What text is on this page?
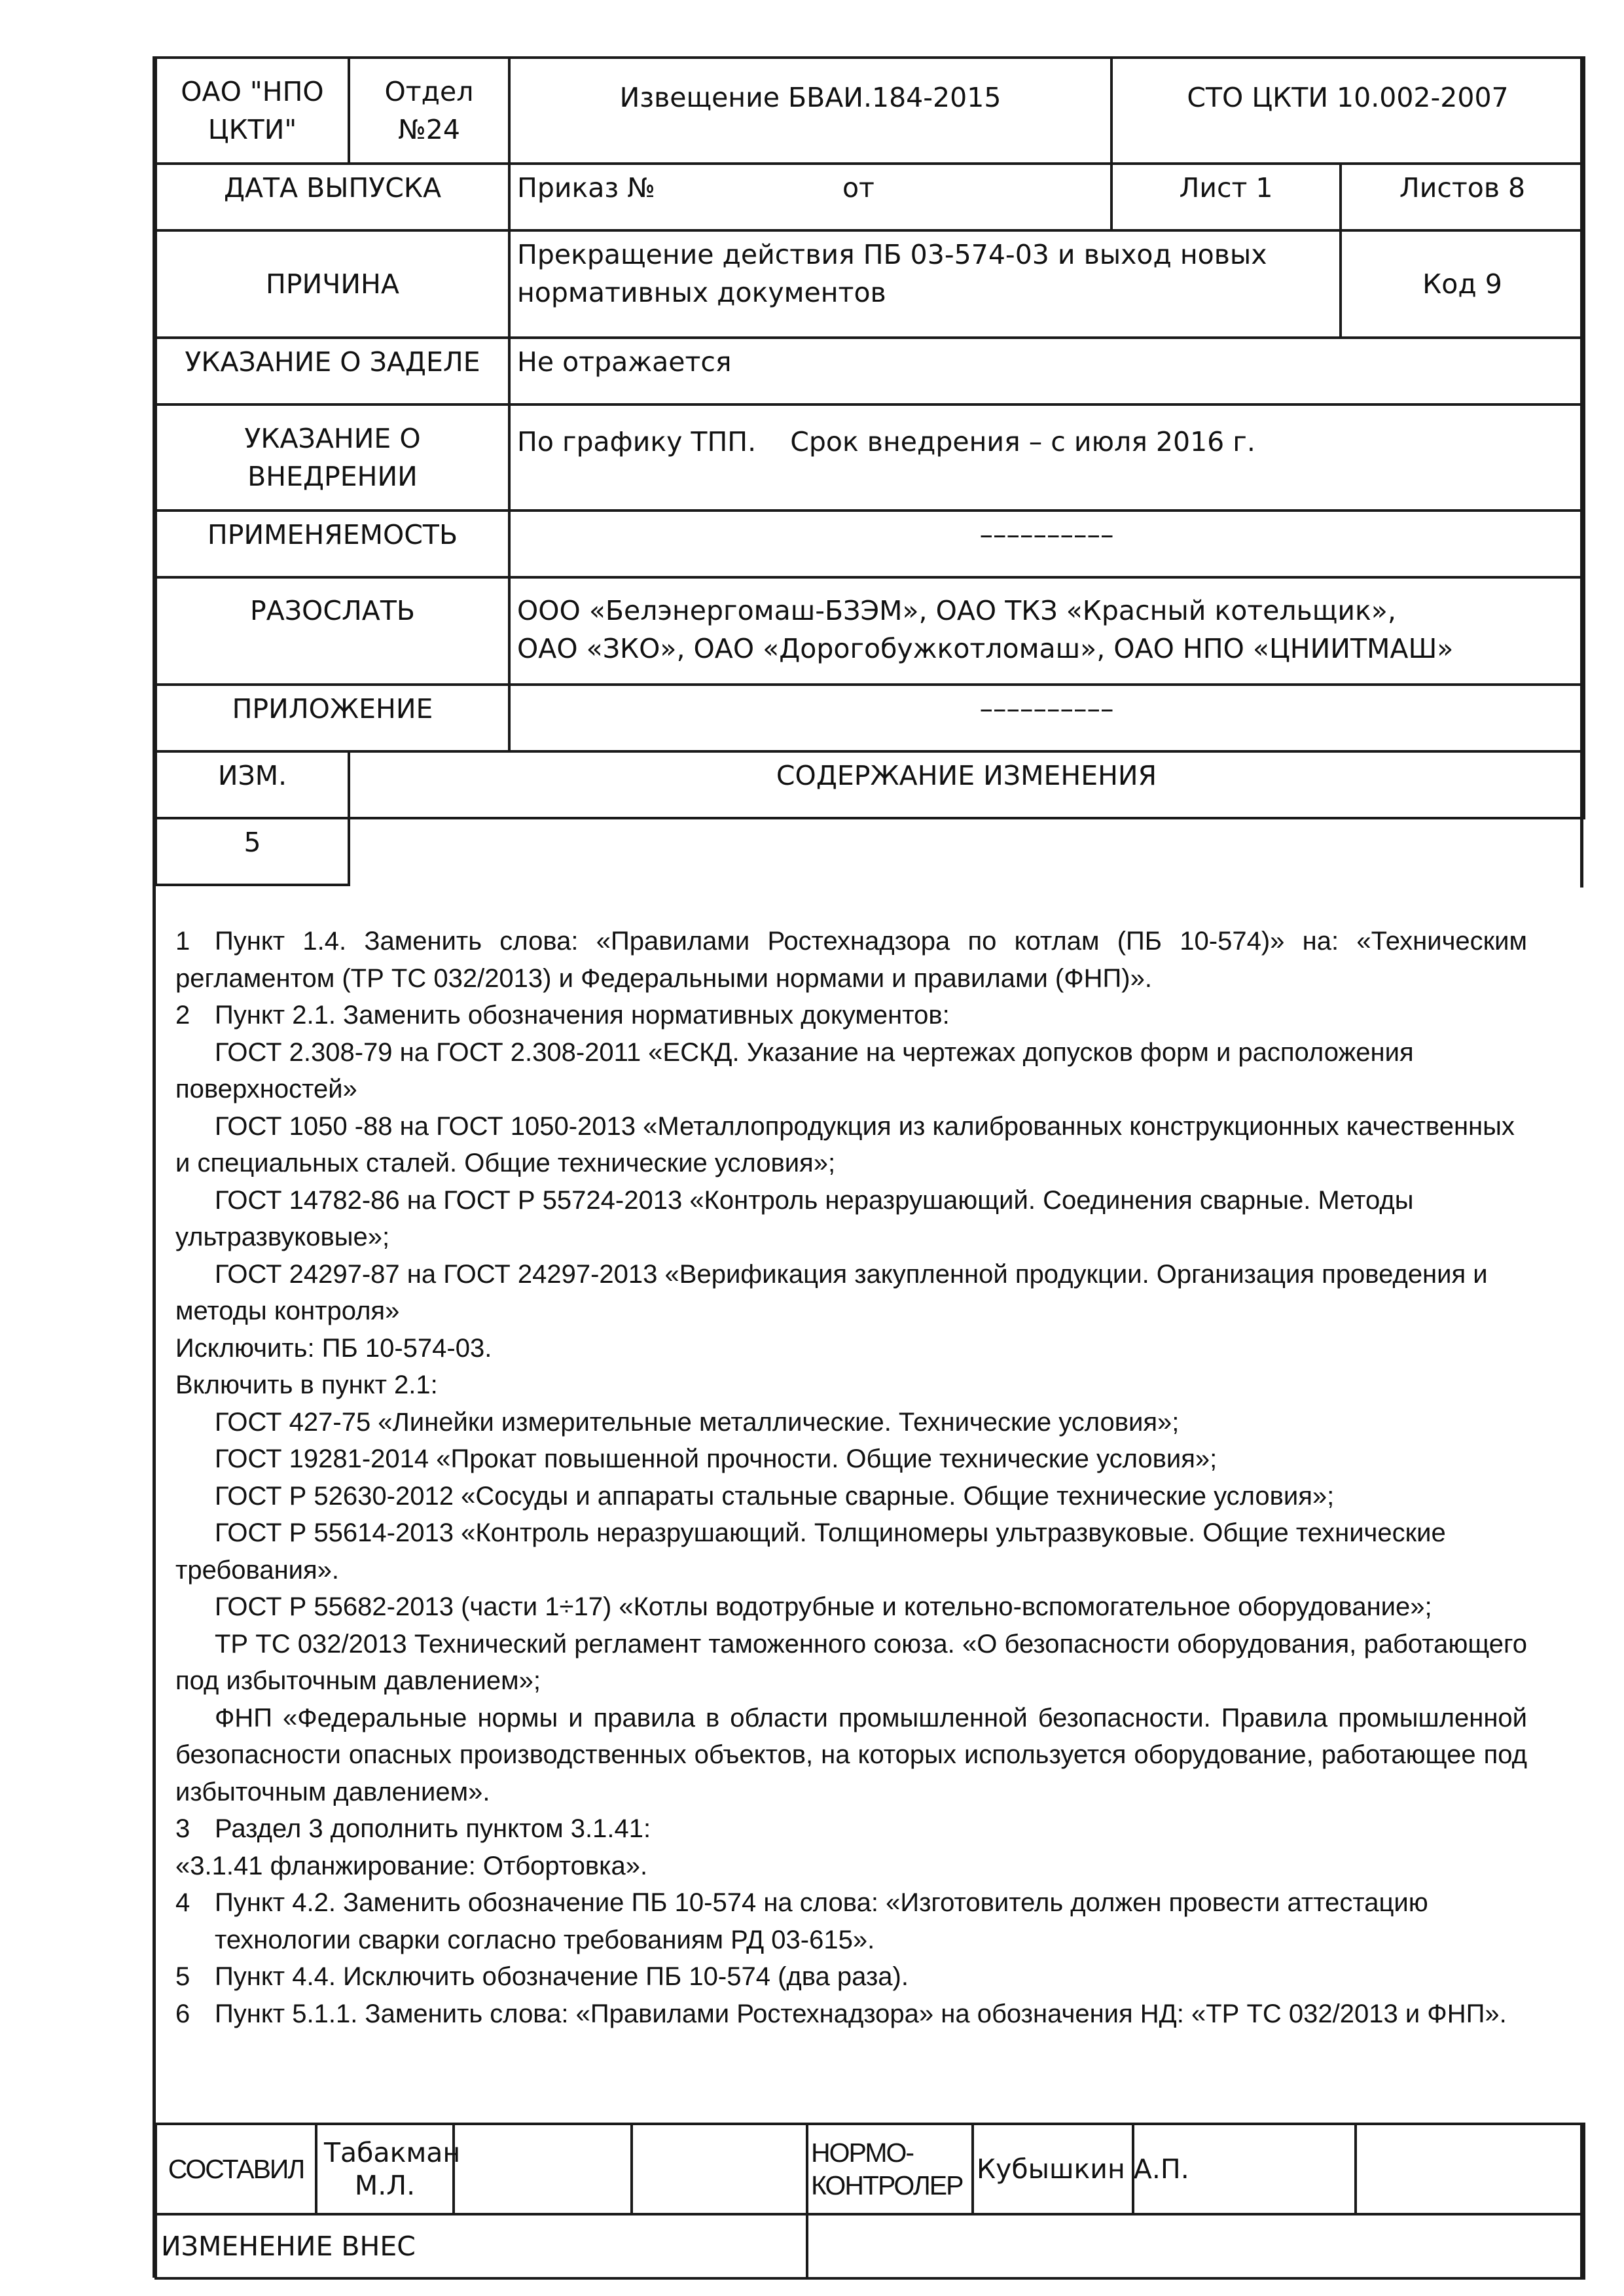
ОАО "НПО ЦКТИ"	Отдел №24	Извещение БВАИ.184-2015	СТО ЦКТИ 10.002-2007	
ДАТА ВЫПУСКА		Приказ № от	Лист 1	Листов 8
ПРИЧИНА		Прекращение действия ПБ 03-574-03 и выход новых нормативных документов		Код 9
УКАЗАНИЕ О ЗАДЕЛЕ		Не отражается		
УКАЗАНИЕ О ВНЕДРЕНИИ		По графику ТПП.    Срок внедрения – с июля 2016 г.		
ПРИМЕНЯЕМОСТЬ		––––––––––		
РАЗОСЛАТЬ		ООО «Белэнергомаш-БЗЭМ», ОАО ТКЗ «Красный котельщик»,
ОАО «ЗКО», ОАО «Дорогобужкотломаш», ОАО НПО «ЦНИИТМАШ»		

ПРИЛОЖЕНИЕ		––––––––––		
ИЗМ.	СОДЕРЖАНИЕ ИЗМЕНЕНИЯ			
5				

1 Пункт 1.4. Заменить слова: «Правилами Ростехнадзора по котлам (ПБ 10-574)» на: «Техническим регламентом (ТР ТС 032/2013) и Федеральными нормами и правилами (ФНП)».

2 Пункт 2.1. Заменить обозначения нормативных документов:

ГОСТ 2.308-79 на ГОСТ 2.308-2011 «ЕСКД. Указание на чертежах допусков форм и расположения поверхностей»

ГОСТ 1050 -88 на ГОСТ 1050-2013 «Металлопродукция из калиброванных конструкционных качественных и специальных сталей. Общие технические условия»;

ГОСТ 14782-86 на ГОСТ Р 55724-2013 «Контроль неразрушающий. Соединения сварные. Методы ультразвуковые»;

ГОСТ 24297-87 на ГОСТ 24297-2013 «Верификация закупленной продукции. Организация проведения и методы контроля»

Исключить: ПБ 10-574-03.

Включить в пункт 2.1:

ГОСТ 427-75 «Линейки измерительные металлические. Технические условия»;

ГОСТ 19281-2014 «Прокат повышенной прочности. Общие технические условия»;

ГОСТ Р 52630-2012 «Сосуды и аппараты стальные сварные. Общие технические условия»;

ГОСТ Р 55614-2013 «Контроль неразрушающий. Толщиномеры ультразвуковые. Общие технические требования».

ГОСТ Р 55682-2013 (части 1÷17) «Котлы водотрубные и котельно-вспомогательное оборудование»;

ТР ТС 032/2013 Технический регламент таможенного союза. «О безопасности оборудования, работающего под избыточным давлением»;

ФНП «Федеральные нормы и правила в области промышленной безопасности. Правила промышленной безопасности опасных производственных объектов, на которых используется оборудование, работающее под избыточным давлением».

3 Раздел 3 дополнить пунктом 3.1.41:

«3.1.41 фланжирование: Отбортовка».

4 Пункт 4.2. Заменить обозначение ПБ 10-574 на слова: «Изготовитель должен провести аттестацию технологии сварки согласно требованиям РД 03-615».

5 Пункт 4.4. Исключить обозначение ПБ 10-574 (два раза).

6 Пункт 5.1.1. Заменить слова: «Правилами Ростехнадзора» на обозначения НД: «ТР ТС 032/2013 и ФНП».

СОСТАВИЛ	Табакман М.Л.			НОРМО-КОНТРОЛЕР	Кубышкин А.П.		
ИЗМЕНЕНИЕ ВНЕС							
